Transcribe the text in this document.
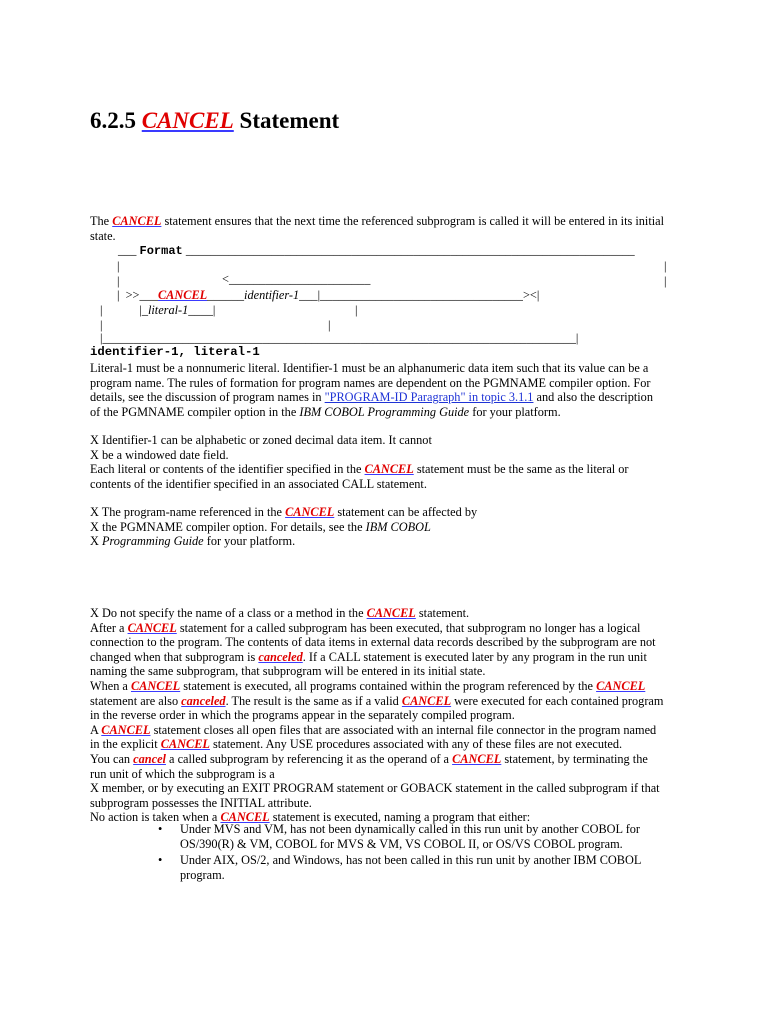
6.2.5 CANCEL Statement
The CANCEL statement ensures that the next time the referenced subprogram is called it will be entered in its initial
state.
___ Format _________________________________________________________________________
|	|
|	<_______________________	|
|  >>___CANCEL______identifier-1___|_________________________________><|
|            |_literal-1____|	|
|	|
|_____________________________________________________________________________|
identifier-1, literal-1
Literal-1 must be a nonnumeric literal. Identifier-1 must be an alphanumeric data item such that its value can be a
program name. The rules of formation for program names are dependent on the PGMNAME compiler option. For
details, see the discussion of program names in "PROGRAM-ID Paragraph" in topic 3.1.1 and also the description
of the PGMNAME compiler option in the IBM COBOL Programming Guide for your platform.
X Identifier-1 can be alphabetic or zoned decimal data item. It cannot
X be a windowed date field.
Each literal or contents of the identifier specified in the CANCEL statement must be the same as the literal or
contents of the identifier specified in an associated CALL statement.
X The program-name referenced in the CANCEL statement can be affected by
X the PGMNAME compiler option. For details, see the IBM COBOL
X Programming Guide for your platform.
X Do not specify the name of a class or a method in the CANCEL statement.
After a CANCEL statement for a called subprogram has been executed, that subprogram no longer has a logical
connection to the program. The contents of data items in external data records described by the subprogram are not
changed when that subprogram is canceled. If a CALL statement is executed later by any program in the run unit
naming the same subprogram, that subprogram will be entered in its initial state.
When a CANCEL statement is executed, all programs contained within the program referenced by the CANCEL
statement are also canceled. The result is the same as if a valid CANCEL were executed for each contained program
in the reverse order in which the programs appear in the separately compiled program.
A CANCEL statement closes all open files that are associated with an internal file connector in the program named
in the explicit CANCEL statement. Any USE procedures associated with any of these files are not executed.
You can cancel a called subprogram by referencing it as the operand of a CANCEL statement, by terminating the
run unit of which the subprogram is a
X member, or by executing an EXIT PROGRAM statement or GOBACK statement in the called subprogram if that
subprogram possesses the INITIAL attribute.
No action is taken when a CANCEL statement is executed, naming a program that either:
• Under MVS and VM, has not been dynamically called in this run unit by another COBOL for
OS/390(R) & VM, COBOL for MVS & VM, VS COBOL II, or OS/VS COBOL program.
• Under AIX, OS/2, and Windows, has not been called in this run unit by another IBM COBOL
program.
